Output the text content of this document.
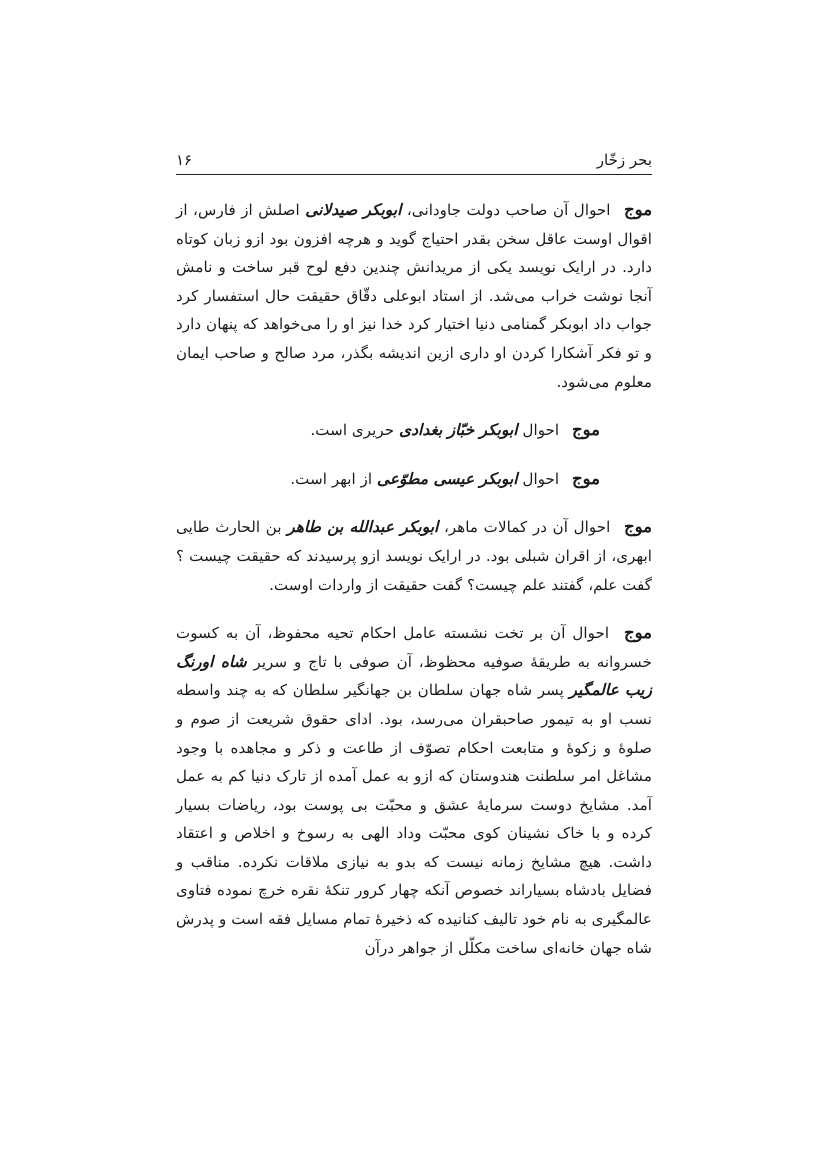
۱۶	بحر زخّار

موج احوال آن صاحب دولت جاودانی، ابوبکر صیدلانی اصلش از فارس، از اقوال اوست عاقل سخن بقدر احتیاج گوید و هرچه افزون بود ازو زبان کوتاه دارد. در ارایک نویسد یکی از مریدانش چندین دفع لوح قبر ساخت و نامش آنجا نوشت خراب می‌شد. از استاد ابوعلی دقّاق حقیقت حال استفسار کرد جواب داد ابوبکر گمنامی دنیا اختیار کرد خدا نیز او را می‌خواهد که پنهان دارد و تو فکر آشکارا کردن او داری ازین اندیشه بگذر، مرد صالح و صاحب ایمان معلوم می‌شود.

موج احوال ابوبکر خبّاز بغدادی حریری است.

موج احوال ابوبکر عیسی مطوّعی از ابهر است.

موج احوال آن در کمالات ماهر، ابوبکر عبدالله بن طاهر بن الحارث طایی ابهری، از اقران شبلی بود. در ارایک نویسد ازو پرسیدند که حقیقت چیست ؟ گفت علم، گفتند علم چیست؟ گفت حقیقت از واردات اوست.

موج احوال آن بر تخت نشسته عامل احکام تحیه محفوظ، آن به کسوت خسروانه به طریقهٔ صوفیه محظوظ، آن صوفی با تاج و سریر شاه اورنگ زیب عالمگیر پسر شاه جهان سلطان بن جهانگیر سلطان که به چند واسطه نسب او به تیمور صاحبقران می‌رسد، بود. ادای حقوق شریعت از صوم و صلوهٔ و زکوهٔ و متابعت احکام تصوّف از طاعت و ذکر و مجاهده با وجود مشاغل امر سلطنت هندوستان که ازو به عمل آمده از تارک دنیا کم به عمل آمد. مشایخ دوست سرمایهٔ عشق و محبّت بی پوست بود، ریاضات بسیار کرده و با خاک نشینان کوی محبّت وداد الهی به رسوخ و اخلاص و اعتقاد داشت. هیچ مشایخ زمانه نیست که بدو به نیازی ملاقات نکرده. مناقب و فضایل بادشاه بسیاراند خصوص آنکه چهار کرور تنکهٔ نقره خرچ نموده فتاوی عالمگیری به نام خود تالیف کنانیده که ذخیرهٔ تمام مسایل فقه است و پدرش شاه جهان خانه‌ای ساخت مکلّل از جواهر درآن
